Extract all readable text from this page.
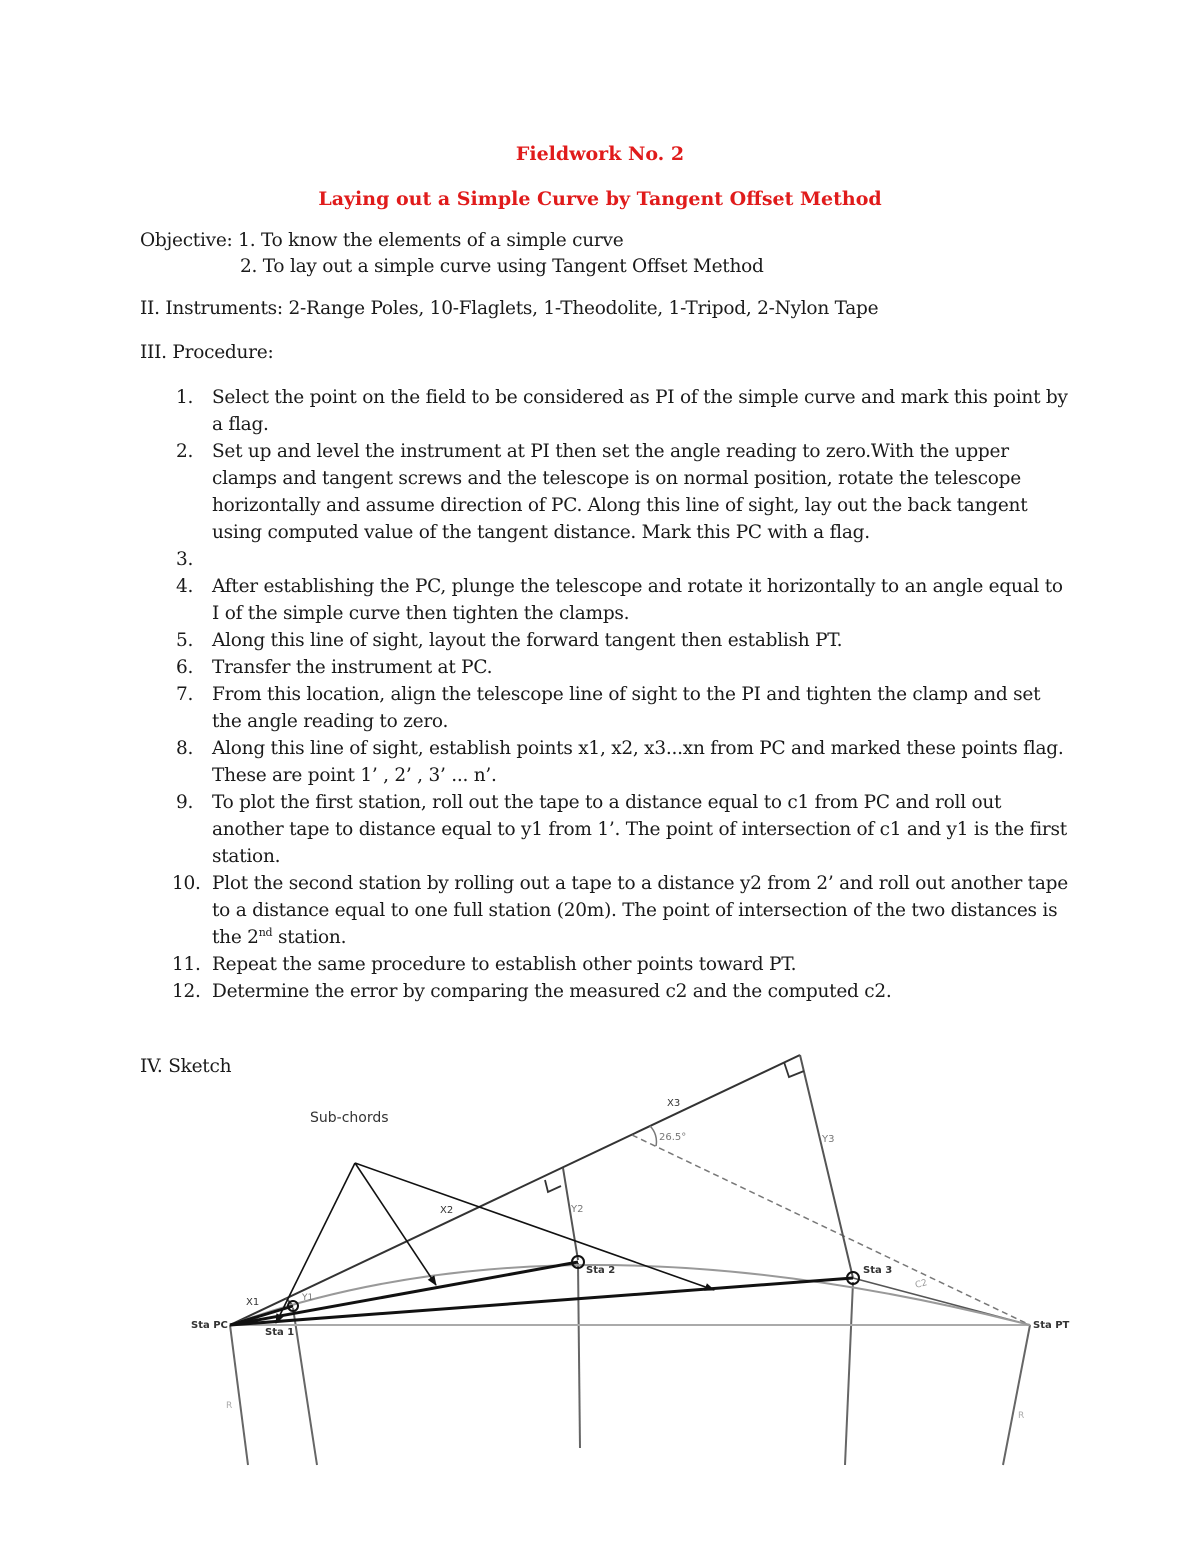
Fieldwork No. 2
Laying out a Simple Curve by Tangent Offset Method
Objective: 1. To know the elements of a simple curve
2. To lay out a simple curve using Tangent Offset Method
II. Instruments: 2-Range Poles, 10-Flaglets, 1-Theodolite, 1-Tripod, 2-Nylon Tape
III. Procedure:
1. Select the point on the field to be considered as PI of the simple curve and mark this point by a flag.
2. Set up and level the instrument at PI then set the angle reading to zero.With the upper clamps and tangent screws and the telescope is on normal position, rotate the telescope horizontally and assume direction of PC. Along this line of sight, lay out the back tangent using computed value of the tangent distance. Mark this PC with a flag.
3.
4. After establishing the PC, plunge the telescope and rotate it horizontally to an angle equal to I of the simple curve then tighten the clamps.
5. Along this line of sight, layout the forward tangent then establish PT.
6. Transfer the instrument at PC.
7. From this location, align the telescope line of sight to the PI and tighten the clamp and set the angle reading to zero.
8. Along this line of sight, establish points x1, x2, x3...xn from PC and marked these points flag. These are point 1’ , 2’ , 3’ ... n’.
9. To plot the first station, roll out the tape to a distance equal to c1 from PC and roll out another tape to distance equal to y1 from 1’. The point of intersection of c1 and y1 is the first station.
10. Plot the second station by rolling out a tape to a distance y2 from 2’ and roll out another tape to a distance equal to one full station (20m). The point of intersection of the two distances is the 2nd station.
11. Repeat the same procedure to establish other points toward PT.
12. Determine the error by comparing the measured c2 and the computed c2.
IV. Sketch
Sub-chords
X1
X2
X3
Y1
Y2
Y3
26.5°
Sta PC
Sta 1
Sta 2	Sta 3
Sta PT
C2
R
R
